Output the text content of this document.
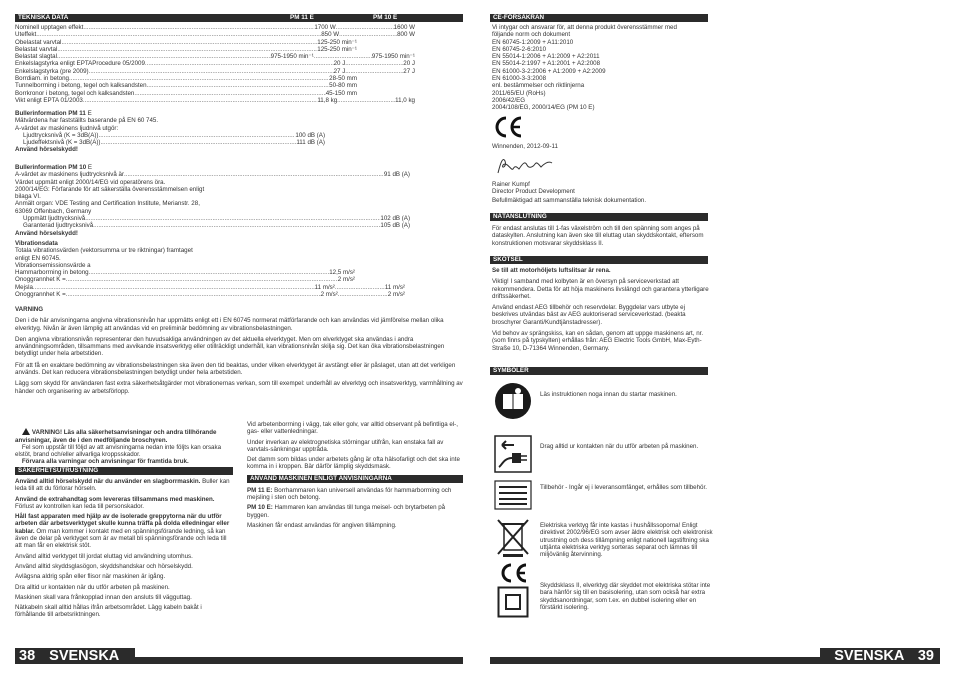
TEKNISKA DATA	PM 11 E	PM 10 E
Nominell upptagen effekt .....	1700 W .....	1600 W
Uteffekt .....	850 W .....	800 W
Obelastat varvtal .....	125-250 min⁻¹
Belastat varvtal .....	125-250 min⁻¹
Belastat slagtal .....	975-1950 min⁻¹ .....	975-1950 min⁻¹
Enkelslagstyrka enligt EPTAProcedure 05/2009 .....	20 J .....	20 J
Enkelslagstyrka (pre 2009) .....	27 J .....	27 J
Borrdiam. in betong .....	28-50 mm
Tunnelborrning i betong, tegel och kalksandsten .....	50-80 mm
Borrkronor i betong, tegel och kalksandsten .....	45-150 mm
Vikt enligt EPTA 01/2003 .....	11,8 kg .....	11,0 kg
Bullerinformation PM 11 E
Mätvärdena har fastställts baserande på EN 60 745.
A-värdet av maskinens ljudnivå utgör:
Ljudtrycksnivå (K = 3dB(A)) .....	100 dB (A)
Ljudeffektsnivå (K = 3dB(A)) .....	111 dB (A)
Använd hörselskydd!
Bullerinformation PM 10 E
A-värdet av maskinens ljudtrycksnivå är .....	91 dB (A)
Värdet uppmätt enligt 2000/14/EG vid operatörens öra.
2000/14/EG: Förfarande för att säkerställa överensstämmelsen enligt
bilaga VI.
Anmält organ: VDE Testing and Certification Institute, Merianstr. 28,
63069 Offenbach, Germany
Uppmätt ljudtrycksnivå .....	102 dB (A)
Garanterad ljudtrycksnivå .....	105 dB (A)
Använd hörselskydd!
Vibrationsdata
Totala vibrationsvärden (vektorsumma ur tre riktningar) framtaget
enligt EN 60745.
Vibrationsemissionsvärde a
Hammarborrning in betong .....	12,5 m/s²
Onoggrannhet K = .....	2 m/s²
Mejsla .....	11 m/s² .....	11 m/s²
Onoggrannhet K = .....	2 m/s² .....	2 m/s²
VARNING
Den i de här anvisningarna angivna vibrationsnivån har uppmätts enligt ett i EN 60745 normerat mätförfarande och kan användas vid jämförelse mellan olika elverktyg. Nivån är även lämplig att användas vid en preliminär bedömning av vibrationsbelastningen.
Den angivna vibrationsnivån representerar den huvudsakliga användningen av det aktuella elverktyget. Men om elverktyget ska användas i andra användningsområden, tillsammans med avvikande insatsverktyg eller otillräckligt underhåll, kan vibrationsnivån skilja sig. Det kan öka vibrationsbelastningen betydligt under hela arbetstiden.
För att få en exaktare bedömning av vibrationsbelastningen ska även den tid beaktas, under vilken elverktyget är avstängt eller är påslaget, utan att det verkligen används. Det kan reducera vibrationsbelastningen betydligt under hela arbetstiden.
Lägg som skydd för användaren fast extra säkerhetsåtgärder mot vibrationernas verkan, som till exempel: underhåll av elverktyg och insatsverktyg, varmhållning av händer och organisering av arbetsförlopp.

VARNING! Läs alla säkerhetsanvisningar och andra tillhörande anvisningar, även de i den medföljande broschyren.
Fel som uppstår till följd av att anvisningarna nedan inte följts kan orsaka elstöt, brand och/eller allvarliga kroppsskador.
Förvara alla varningar och anvisningar för framtida bruk.

SÄKERHETSUTRUSTNING
Använd alltid hörselskydd när du använder en slagborrmaskin. Buller kan leda till att du förlorar hörseln.
Använd de extrahandtag som levereras tillsammans med maskinen. Förlust av kontrollen kan leda till personskador.
Håll fast apparaten med hjälp av de isolerade greppytorna när du utför arbeten där arbetsverktyget skulle kunna träffa på dolda elledningar eller kablar. Om man kommer i kontakt med en spänningsförande ledning, så kan även de delar på verktyget som är av metall bli spänningsförande och leda till att man får en elektrisk stöt.
Använd alltid verktyget till jordat eluttag vid användning utomhus.
Använd alltid skyddsglasögon, skyddshandskar och hörselskydd.
Avlägsna aldrig spån eller flisor när maskinen är igång.
Dra alltid ur kontakten när du utför arbeten på maskinen.
Maskinen skall vara frånkopplad innan den ansluts till vägguttag.
Nätkabeln skall alltid hållas ifrån arbetsområdet. Lägg kabeln bakåt i förhållande till arbetsriktningen.
Vid arbetenborrning i vägg, tak eller golv, var alltid observant på befintliga el-, gas- eller vattenledningar.
Under inverkan av elektrognetiska störningar utifrån, kan enstaka fall av varvtals-sänkningar upptråda.
Det damm som bildas under arbetets gång är ofta hälsofarligt och det ska inte komma in i kroppen. Bär därför lämplig skyddsmask.
ANVÄND MASKINEN ENLIGT ANVISNINGARNA
PM 11 E: Borrhammaren kan universell användas för hammarborrning och mejsling i sten och betong.
PM 10 E: Hammaren kan användas till tunga meisel- och brytarbeten på byggen.
Maskinen får endast användas för angiven tillämpning.
38 SVENSKA
CE-FÖRSÄKRAN
Vi intygar och ansvarar för, att denna produkt överensstämmer med
följande norm och dokument
EN 60745-1:2009 + A11:2010
EN 60745-2-6:2010
EN 55014-1:2006 + A1:2009 + A2:2011
EN 55014-2:1997 + A1:2001 + A2:2008
EN 61000-3-2:2006 + A1:2009 + A2:2009
EN 61000-3-3:2008
enl. bestämmelser och riktlinjerna
2011/65/EU (RoHs)
2006/42/EG
2004/108/EG, 2000/14/EG (PM 10 E)
Winnenden, 2012-09-11
Rainer Kumpf
Director Product Development
Befullmäktigad att sammanställa teknisk dokumentation.
NÄTANSLUTNING
För endast anslutas till 1-fas växelström och till den spänning som anges på dataskylten. Anslutning kan även ske till eluttag utan skyddskontakt, eftersom konstruktionen motsvarar skyddsklass II.
SKÖTSEL
Se till att motorhöljets luftslitsar är rena.
Viktig! I samband med kolbyten är en översyn på serviceverkstad att rekommendera. Detta för att höja maskinens livslängd och garantera ytterligare driftssäkerhet.
Använd endast AEG tillbehör och reservdelar. Byggdelar vars utbyte ej beskrives utvändas bäst av AEG auktoriserad serviceverkstad. (beakta broschyrer Garanti/Kundtjänstadresser).
Vid behov av sprängskiss, kan en sådan, genom att uppge maskinens art, nr. (som finns på typskylten) erhållas från: AEG Electric Tools GmbH, Max-Eyth-Straße 10, D-71364 Winnenden, Germany.
SYMBOLER
SVENSKA 39
Läs instruktionen noga innan du startar maskinen.
Drag alltid ur kontakten när du utför arbeten på maskinen.
Tillbehör - Ingår ej i leveransomfänget, erhålles som tillbehör.
Elektriska verktyg får inte kastas i hushållssoporna! Enligt direktivet 2002/96/EG som avser äldre elektrisk och elektronisk utrustning och dess tillämpning enligt nationell lagstiftning ska uttjänta elektriska verktyg sorteras separat och lämnas till miljövänlig återvinning.
Skyddsklass II, elverktyg där skyddet mot elektriska stötar inte bara hänför sig till en basisolering, utan som också har extra skyddsanordningar, som t.ex. en dubbel isolering eller en förstärkt isolering.
